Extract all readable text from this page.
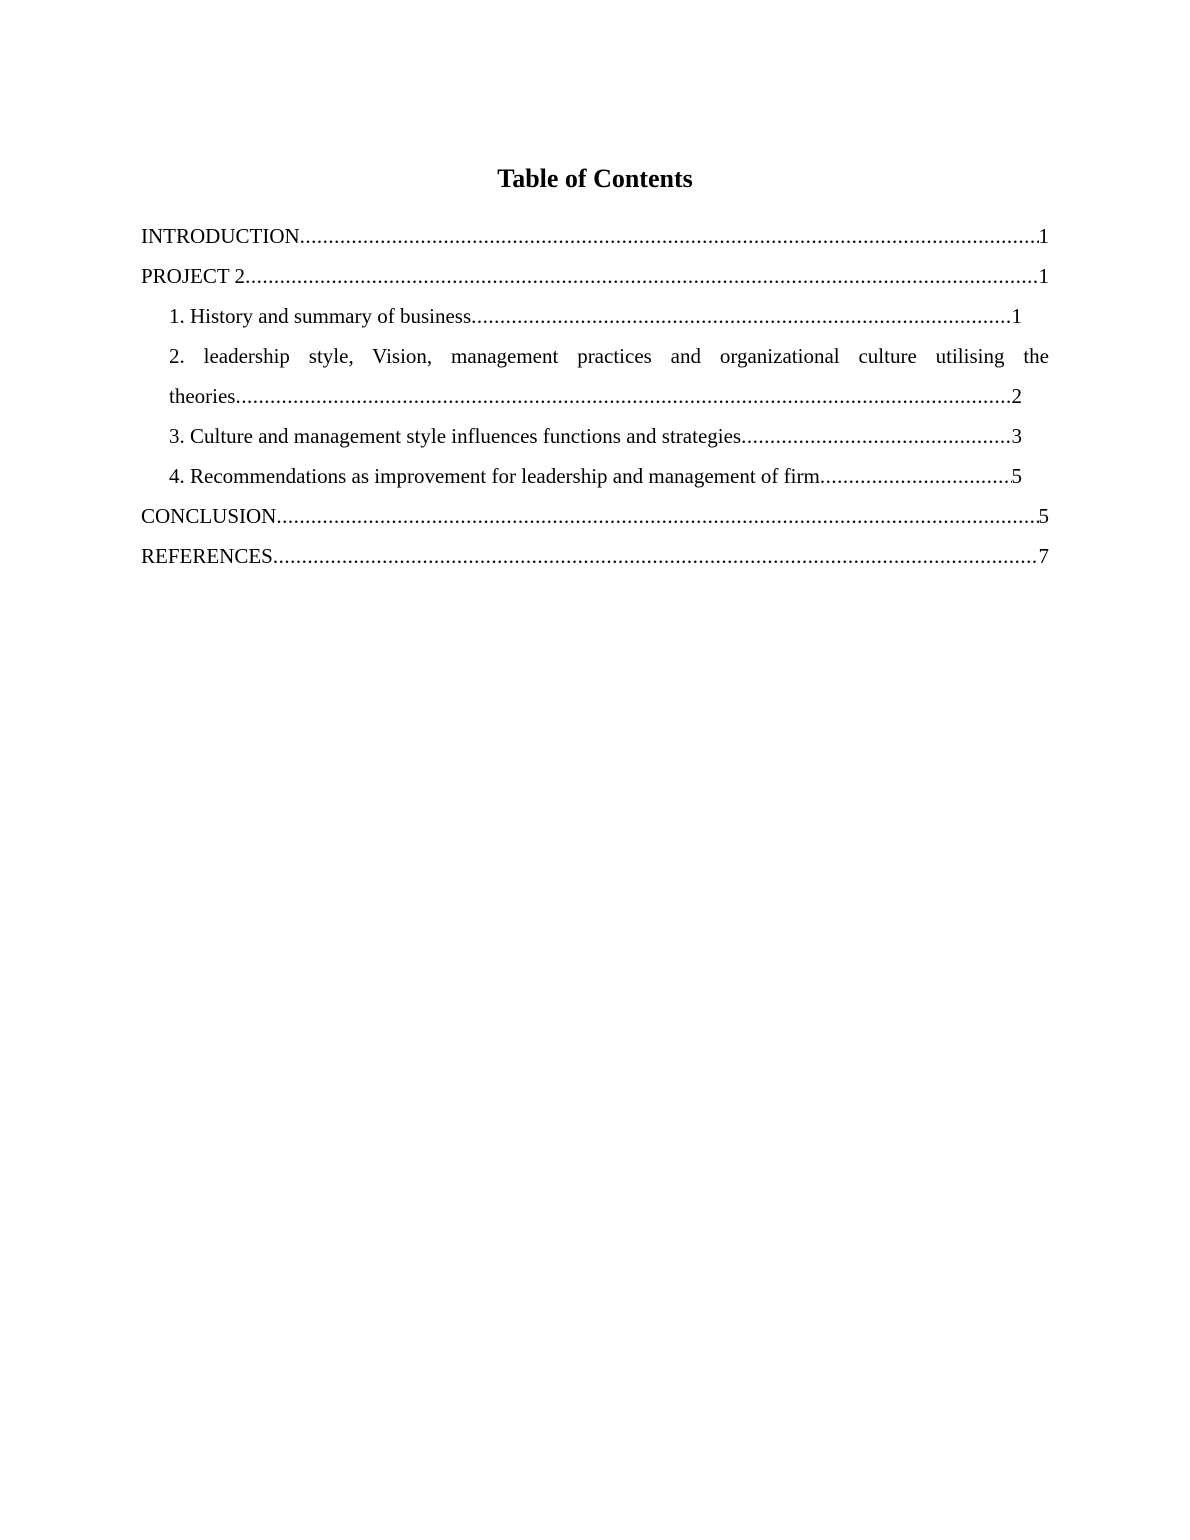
Table of Contents
INTRODUCTION .....	1
PROJECT 2 .....	1
1. History and summary of business .....	1
2. leadership style, Vision, management practices and organizational culture utilising the
theories .....	2
3. Culture and management style influences functions and strategies .....	3
4. Recommendations as improvement for leadership and management of firm .....	5
CONCLUSION .....	5
REFERENCES .....	7
